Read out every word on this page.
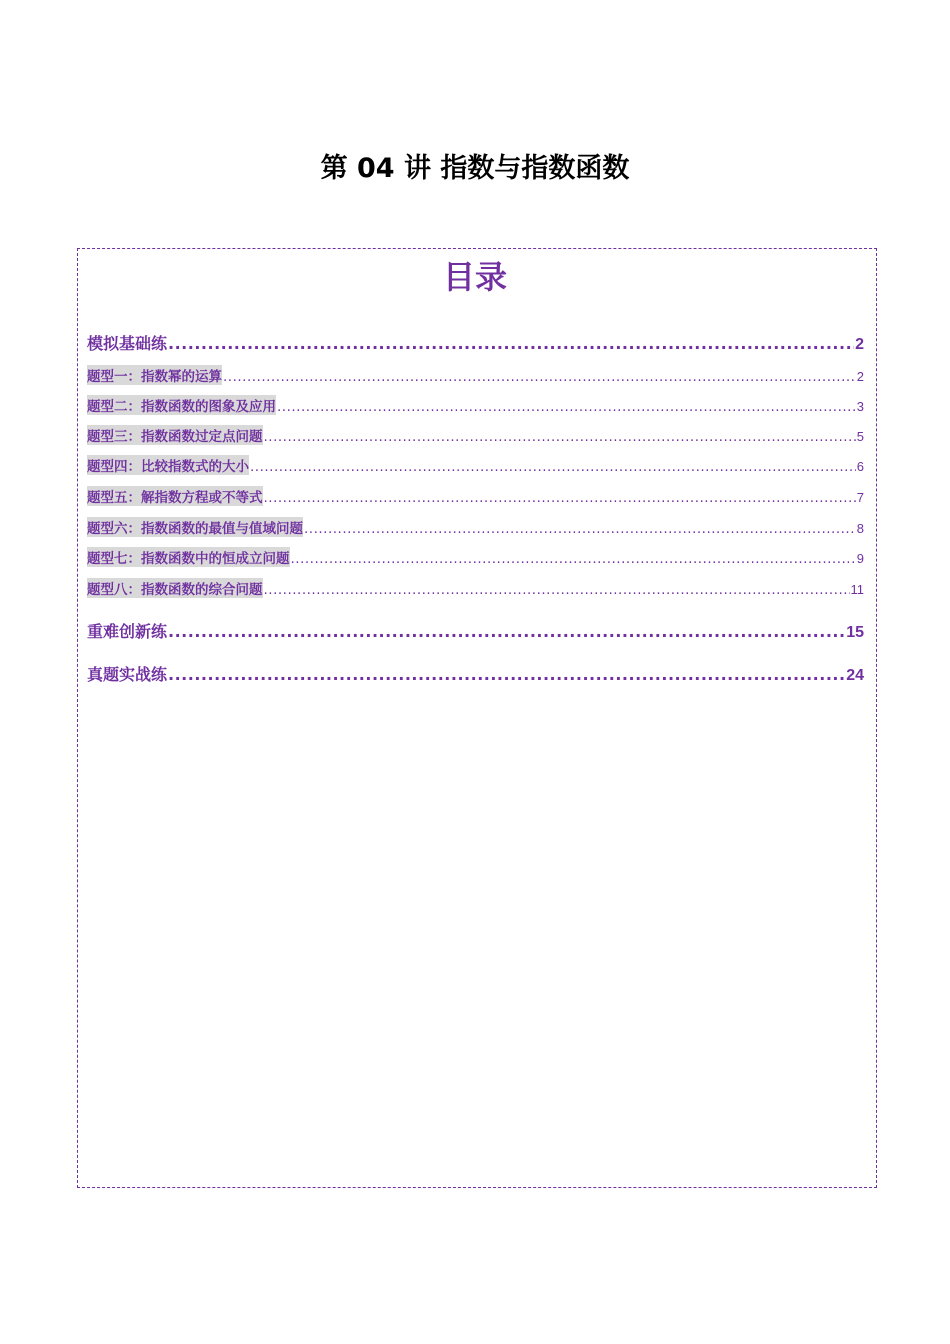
第 04 讲 指数与指数函数
目录
模拟基础练 .....	2
题型一：指数幂的运算 .....	2
题型二：指数函数的图象及应用 .....	3
题型三：指数函数过定点问题 .....	5
题型四：比较指数式的大小 .....	6
题型五：解指数方程或不等式 .....	7
题型六：指数函数的最值与值域问题 .....	8
题型七：指数函数中的恒成立问题 .....	9
题型八：指数函数的综合问题 .....	11
重难创新练 .....	15
真题实战练 .....	24
